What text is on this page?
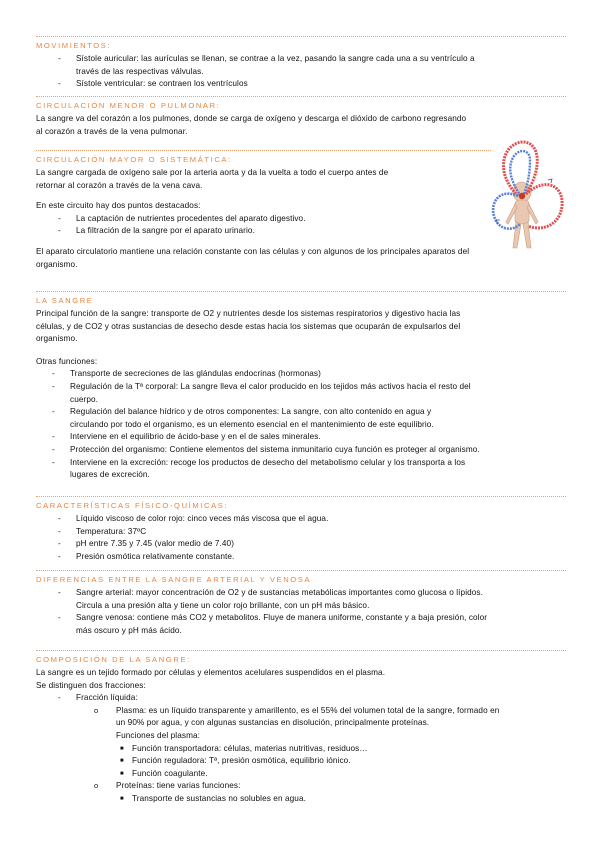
MOVIMIENTOS:
- Sístole auricular: las aurículas se llenan, se contrae a la vez, pasando la sangre cada una a su ventrículo a
través de las respectivas válvulas.
- Sístole ventricular: se contraen los ventrículos
CIRCULACIÓN MENOR O PULMONAR:

La sangre va del corazón a los pulmones, donde se carga de oxígeno y descarga el dióxido de carbono regresando

al corazón a través de la vena pulmonar.

CIRCULACIÓN MAYOR O SISTEMÁTICA:

La sangre cargada de oxígeno sale por la arteria aorta y da la vuelta a todo el cuerpo antes de

retornar al corazón a través de la vena cava.

En este circuito hay dos puntos destacados:

- La captación de nutrientes procedentes del aparato digestivo.
- La filtración de la sangre por el aparato urinario.

El aparato circulatorio mantiene una relación constante con las células y con algunos de los principales aparatos del

organismo.

LA SANGRE

Principal función de la sangre: transporte de O2 y nutrientes desde los sistemas respiratorios y digestivo hacia las

células, y de CO2 y otras sustancias de desecho desde estas hacia los sistemas que ocuparán de expulsarlos del

organismo.

Otras funciones:

- Transporte de secreciones de las glándulas endocrinas (hormonas)
- Regulación de la Tª corporal: La sangre lleva el calor producido en los tejidos más activos hacia el resto del
cuerpo.
- Regulación del balance hídrico y de otros componentes: La sangre, con alto contenido en agua y
circulando por todo el organismo, es un elemento esencial en el mantenimiento de este equilibrio.
- Interviene en el equilibrio de ácido-base y en el de sales minerales.
- Protección del organismo: Contiene elementos del sistema inmunitario cuya función es proteger al organismo.
- Interviene en la excreción: recoge los productos de desecho del metabolismo celular y los transporta a los
lugares de excreción.
CARACTERÍSTICAS FÍSICO-QUÍMICAS:
- Líquido viscoso de color rojo: cinco veces más viscosa que el agua.
- Temperatura: 37ºC
- pH entre 7.35 y 7.45 (valor medio de 7.40)
- Presión osmótica relativamente constante.
DIFERENCIAS ENTRE LA SANGRE ARTERIAL Y VENOSA
- Sangre arterial: mayor concentración de O2 y de sustancias metabólicas importantes como glucosa o lípidos.
Circula a una presión alta y tiene un color rojo brillante, con un pH más básico.
- Sangre venosa: contiene más CO2 y metabolitos. Fluye de manera uniforme, constante y a baja presión, color
más oscuro y pH más ácido.
COMPOSICIÓN DE LA SANGRE:

La sangre es un tejido formado por células y elementos acelulares suspendidos en el plasma.

Se distinguen dos fracciones:

- Fracción líquida:
o Plasma: es un líquido transparente y amarillento, es el 55% del volumen total de la sangre, formado en
un 90% por agua, y con algunas sustancias en disolución, principalmente proteínas.
Funciones del plasma:
■ Función transportadora: células, materias nutritivas, residuos…
■ Función reguladora: Tª, presión osmótica, equilibrio iónico.
■ Función coagulante.
o Proteínas: tiene varias funciones:
■ Transporte de sustancias no solubles en agua.
